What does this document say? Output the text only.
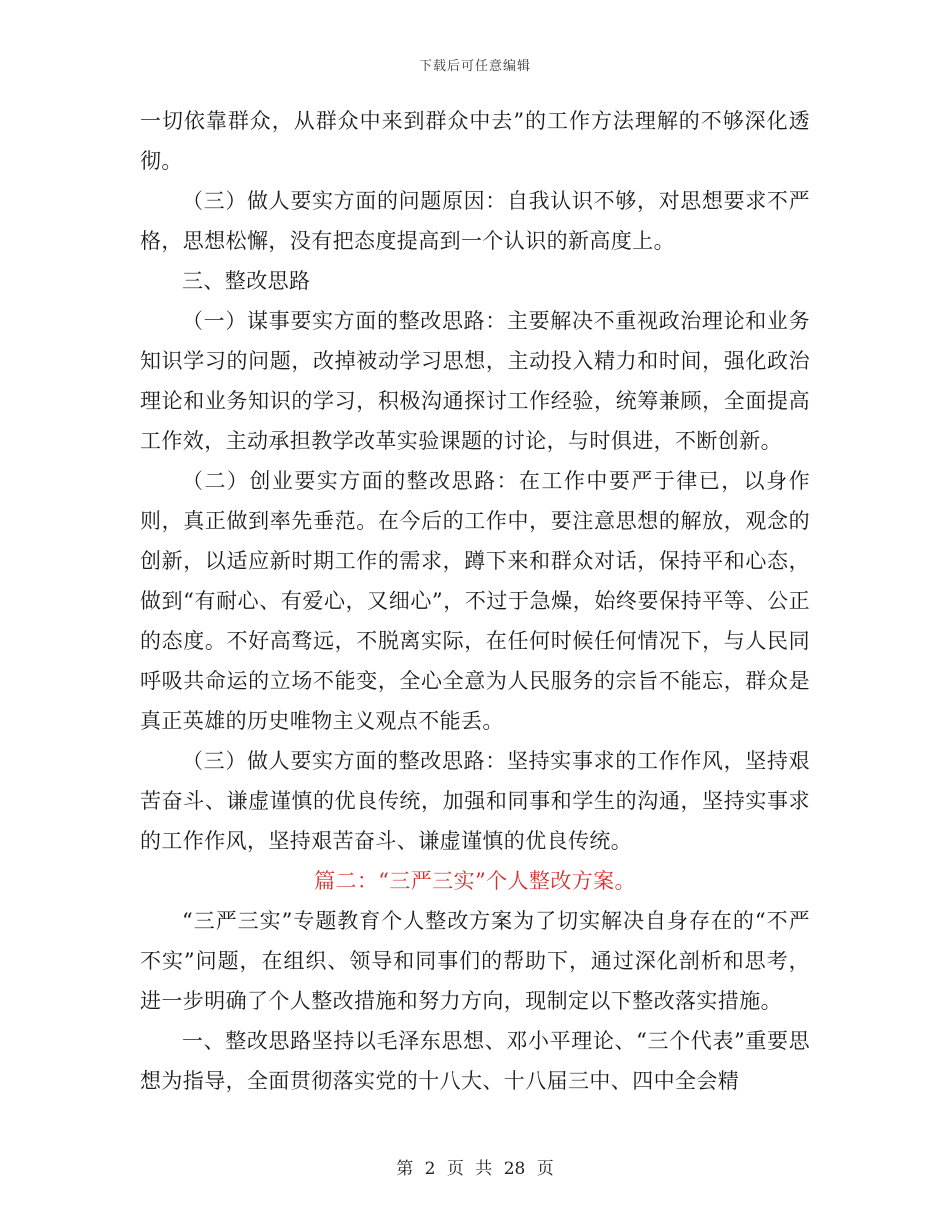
下载后可任意编辑

一切依靠群众，从群众中来到群众中去”的工作方法理解的不够深化透彻。

（三）做人要实方面的问题原因：自我认识不够，对思想要求不严格，思想松懈，没有把态度提高到一个认识的新高度上。

三、整改思路

（一）谋事要实方面的整改思路：主要解决不重视政治理论和业务知识学习的问题，改掉被动学习思想，主动投入精力和时间，强化政治理论和业务知识的学习，积极沟通探讨工作经验，统筹兼顾，全面提高工作效，主动承担教学改革实验课题的讨论，与时俱进，不断创新。

（二）创业要实方面的整改思路：在工作中要严于律已，以身作则，真正做到率先垂范。在今后的工作中，要注意思想的解放，观念的创新，以适应新时期工作的需求，蹲下来和群众对话，保持平和心态，做到“有耐心、有爱心，又细心”，不过于急燥，始终要保持平等、公正的态度。不好高骛远，不脱离实际，在任何时候任何情况下，与人民同呼吸共命运的立场不能变，全心全意为人民服务的宗旨不能忘，群众是真正英雄的历史唯物主义观点不能丢。

（三）做人要实方面的整改思路：坚持实事求的工作作风，坚持艰苦奋斗、谦虚谨慎的优良传统，加强和同事和学生的沟通，坚持实事求的工作作风，坚持艰苦奋斗、谦虚谨慎的优良传统。

篇二：“三严三实”个人整改方案。

“三严三实”专题教育个人整改方案为了切实解决自身存在的“不严不实”问题，在组织、领导和同事们的帮助下，通过深化剖析和思考，进一步明确了个人整改措施和努力方向，现制定以下整改落实措施。

一、整改思路坚持以毛泽东思想、邓小平理论、“三个代表”重要思想为指导，全面贯彻落实党的十八大、十八届三中、四中全会精

第 2 页 共 28 页
